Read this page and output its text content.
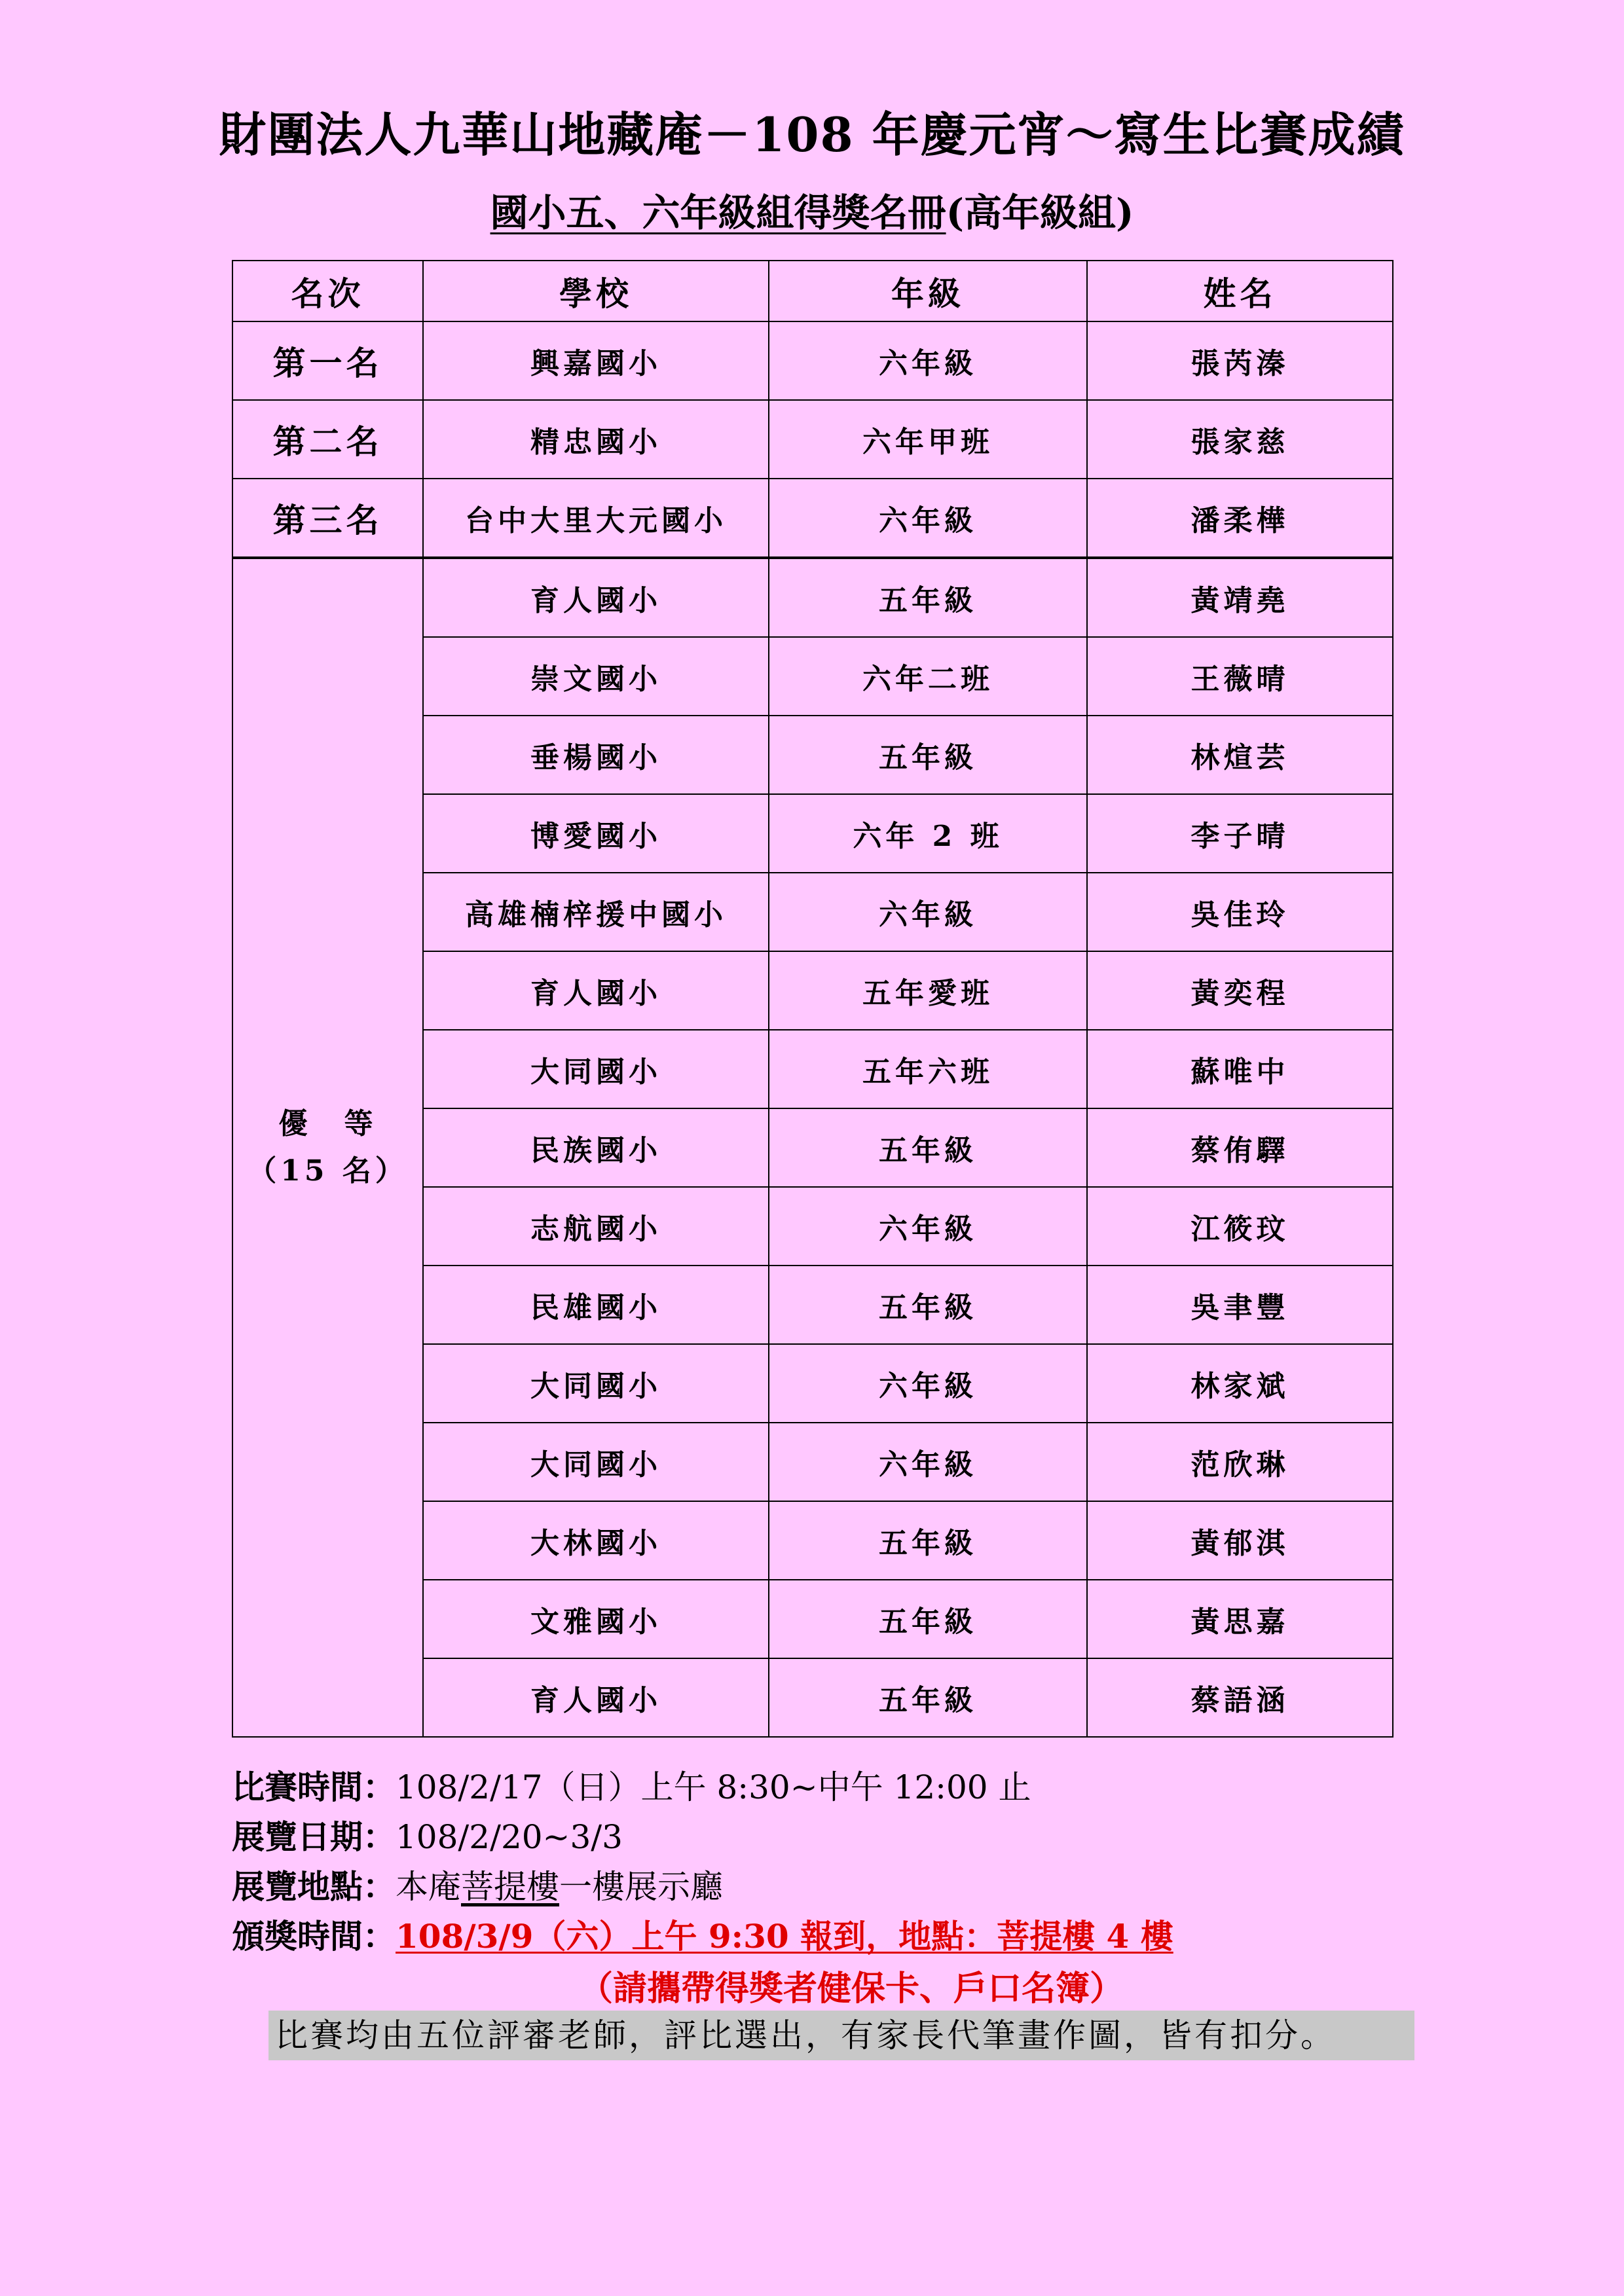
財團法人九華山地藏庵－108 年慶元宵～寫生比賽成績
國小五、六年級組得獎名冊(高年級組)
名次	學校	年級	姓名
第一名	興嘉國小	六年級	張芮溱
第二名	精忠國小	六年甲班	張家慈
第三名	台中大里大元國小	六年級	潘柔樺

優　等
（15 名）	育人國小	五年級	黃靖堯
	崇文國小	六年二班	王薇晴
	垂楊國小	五年級	林煊芸
	博愛國小	六年 2 班	李子晴
	高雄楠梓援中國小	六年級	吳佳玲
	育人國小	五年愛班	黃奕程
	大同國小	五年六班	蘇唯中
	民族國小	五年級	蔡侑驛
	志航國小	六年級	江筱玟
	民雄國小	五年級	吳聿豐
	大同國小	六年級	林家斌
	大同國小	六年級	范欣琳
	大林國小	五年級	黃郁淇
	文雅國小	五年級	黃思嘉
	育人國小	五年級	蔡語涵
比賽時間：108/2/17（日）上午 8:30~中午 12:00 止
展覽日期：108/2/20~3/3
展覽地點：本庵菩提樓一樓展示廳
頒獎時間：108/3/9（六）上午 9:30 報到，地點：菩提樓 4 樓
（請攜帶得獎者健保卡、戶口名簿）
比賽均由五位評審老師，評比選出，有家長代筆畫作圖，皆有扣分。
